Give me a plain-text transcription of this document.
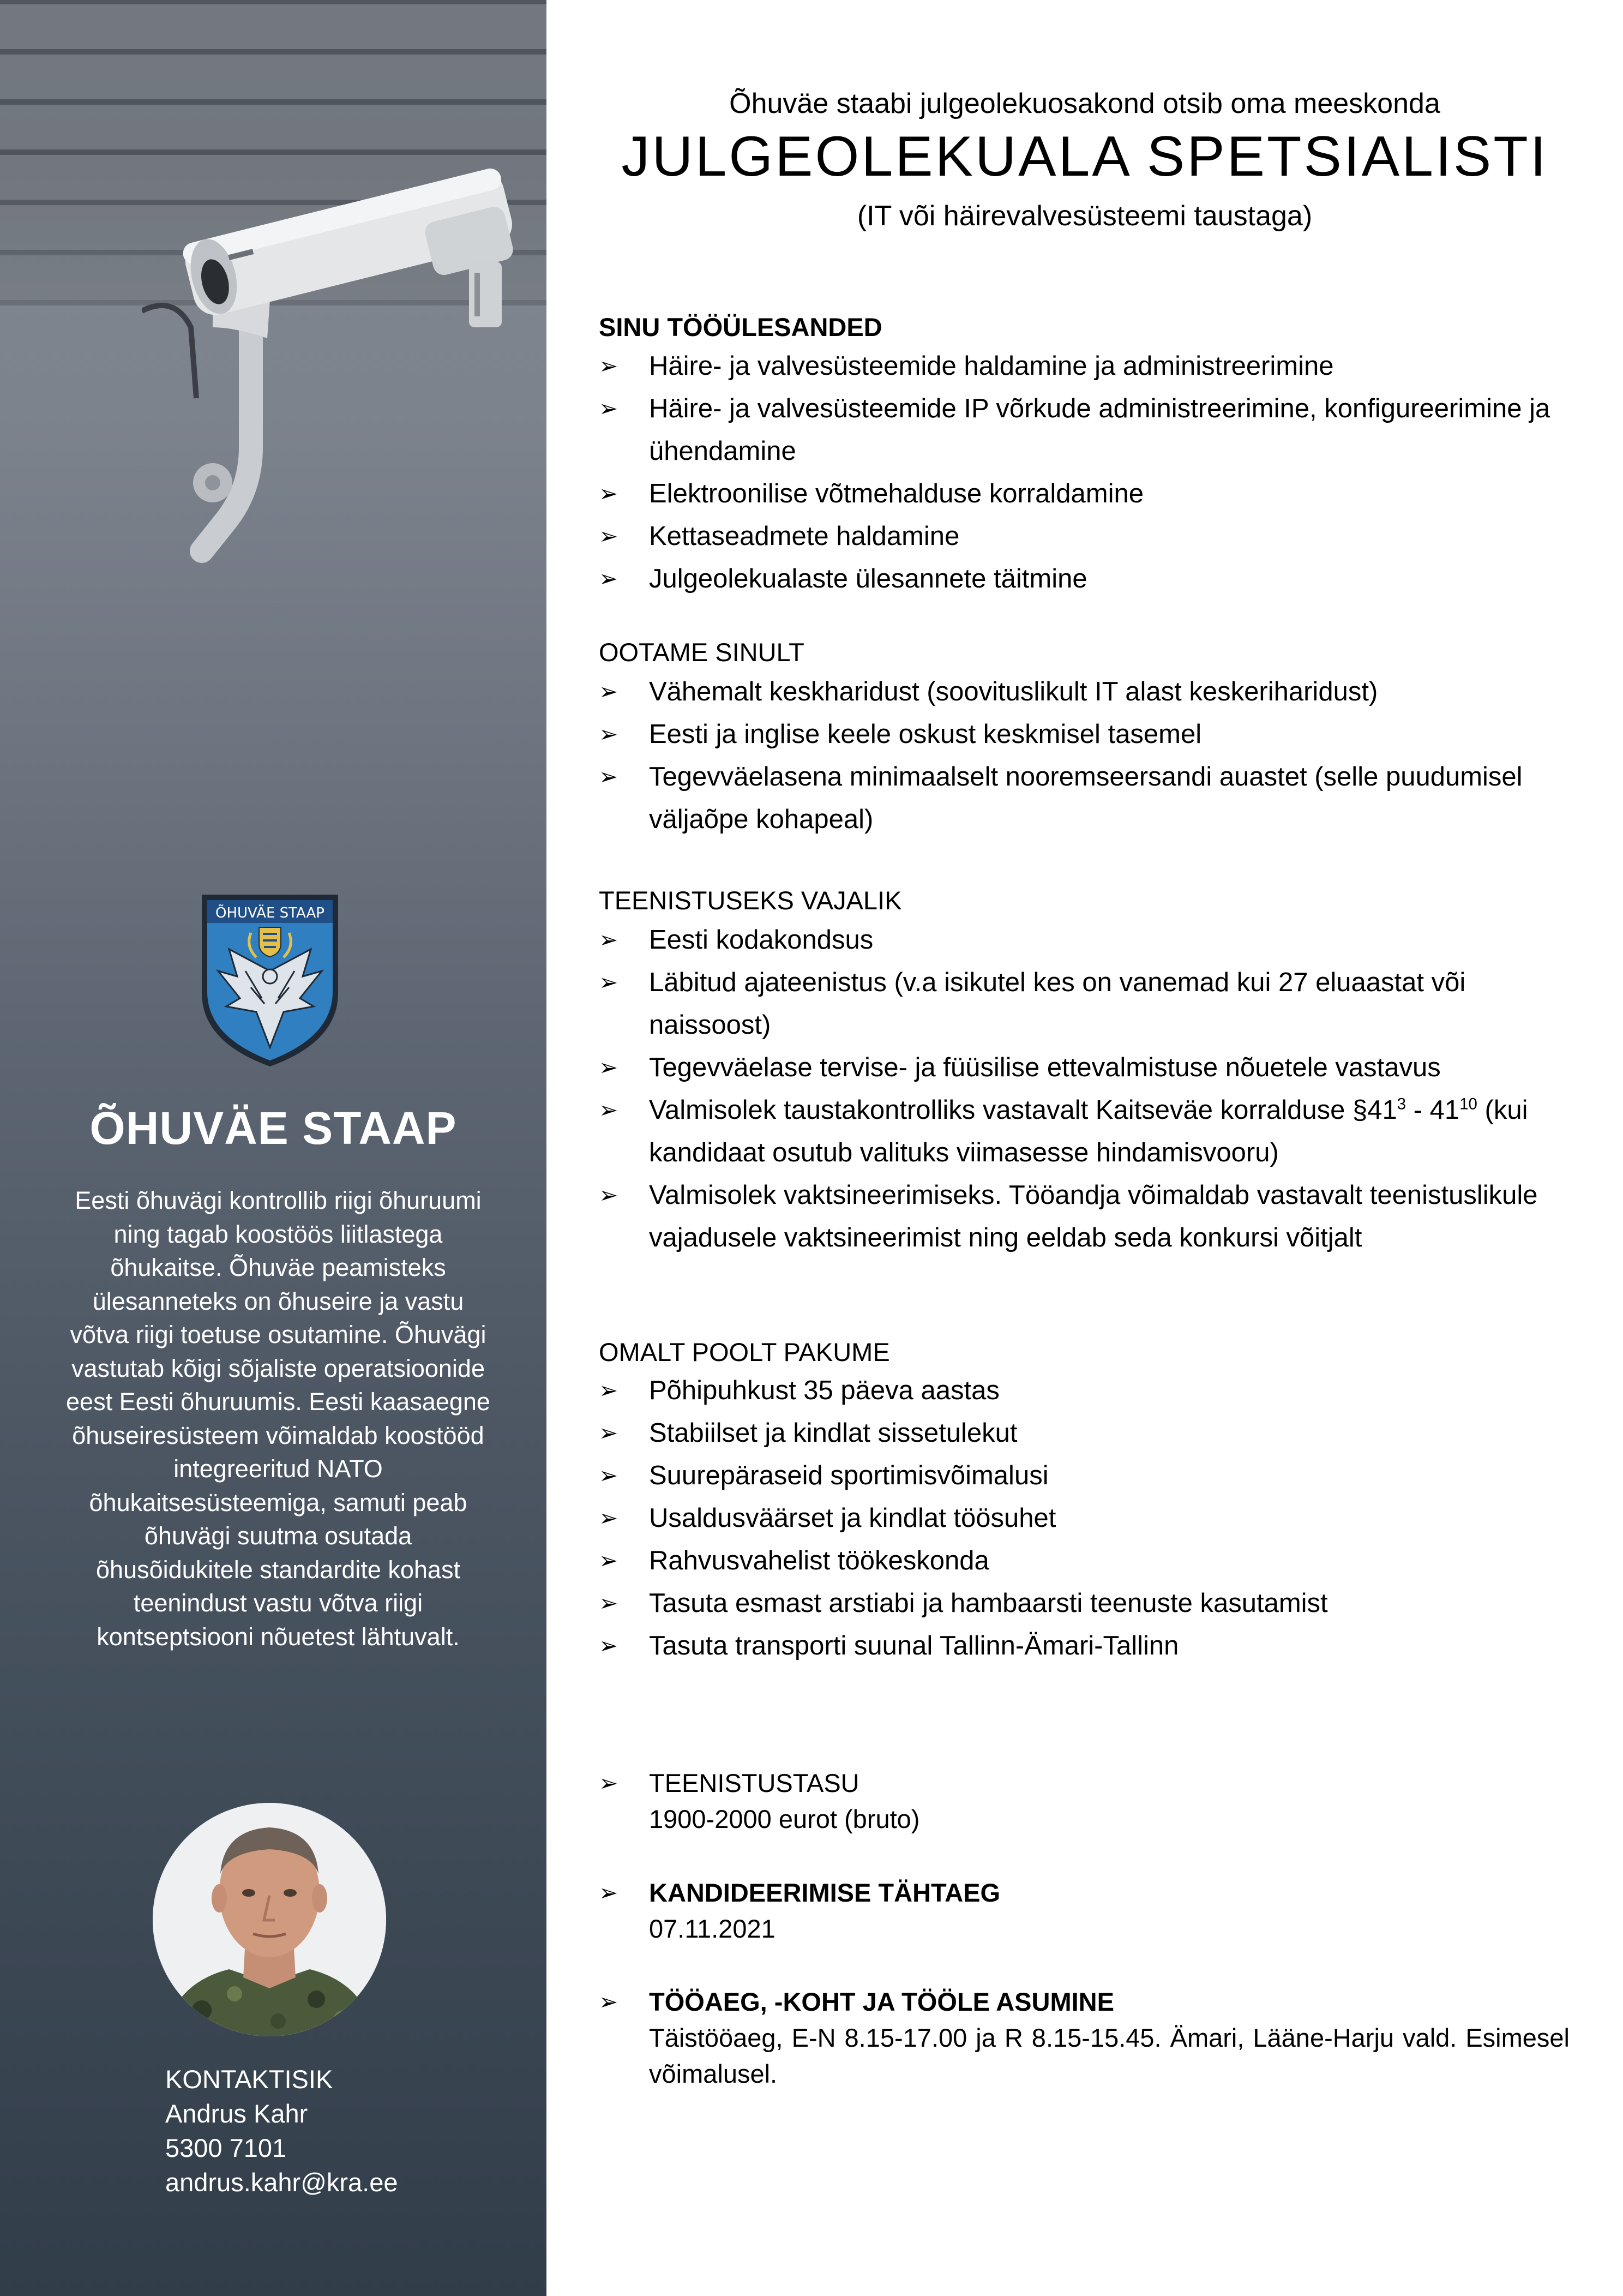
ÕHUVÄE STAAP
ÕHUVÄE STAAP

Eesti õhuvägi kontrollib riigi õhuruumi ning tagab koostöös liitlastega õhukaitse. Õhuväe peamisteks ülesanneteks on õhuseire ja vastu võtva riigi toetuse osutamine. Õhuvägi vastutab kõigi sõjaliste operatsioonide eest Eesti õhuruumis. Eesti kaasaegne õhuseiresüsteem võimaldab koostööd integreeritud NATO õhukaitsesüsteemiga, samuti peab õhuvägi suutma osutada õhusõidukitele standardite kohast teenindust vastu võtva riigi kontseptsiooni nõuetest lähtuvalt.

KONTAKTISIK
Andrus Kahr
5300 7101
andrus.kahr@kra.ee
Õhuväe staabi julgeolekuosakond otsib oma meeskonda
JULGEOLEKUALA SPETSIALISTI
(IT või häirevalvesüsteemi taustaga)
SINU TÖÖÜLESANDED
➢ Häire- ja valvesüsteemide haldamine ja administreerimine
➢ Häire- ja valvesüsteemide IP võrkude administreerimine, konfigureerimine ja ühendamine
➢ Elektroonilise võtmehalduse korraldamine
➢ Kettaseadmete haldamine
➢ Julgeolekualaste ülesannete täitmine
OOTAME SINULT
➢ Vähemalt keskharidust (soovituslikult IT alast keskeriharidust)
➢ Eesti ja inglise keele oskust keskmisel tasemel
➢ Tegevväelasena minimaalselt nooremseersandi auastet (selle puudumisel väljaõpe kohapeal)
TEENISTUSEKS VAJALIK
➢ Eesti kodakondsus
➢ Läbitud ajateenistus (v.a isikutel kes on vanemad kui 27 eluaastat või naissoost)
➢ Tegevväelase tervise- ja füüsilise ettevalmistuse nõuetele vastavus
➢ Valmisolek taustakontrolliks vastavalt Kaitseväe korralduse $\S 41^3 - 41^{10}$ (kui kandidaat osutub valituks viimasesse hindamisvooru)
➢ Valmisolek vaktsineerimiseks. Tööandja võimaldab vastavalt teenistuslikule vajadusele vaktsineerimist ning eeldab seda konkursi võitjalt
OMALT POOLT PAKUME
➢ Põhipuhkust 35 päeva aastas
➢ Stabiilset ja kindlat sissetulekut
➢ Suurepäraseid sportimisvõimalusi
➢ Usaldusväärset ja kindlat töösuhet
➢ Rahvusvahelist töökeskonda
➢ Tasuta esmast arstiabi ja hambaarsti teenuste kasutamist
➢ Tasuta transporti suunal Tallinn-Ämari-Tallinn
➢ TEENISTUSTASU
1900-2000 eurot (bruto)
➢ KANDIDEERIMISE TÄHTAEG
07.11.2021
➢ TÖÖAEG, -KOHT JA TÖÖLE ASUMINE
Täistööaeg, E-N 8.15-17.00 ja R 8.15-15.45. Ämari, Lääne-Harju vald. Esimesel võimalusel.
